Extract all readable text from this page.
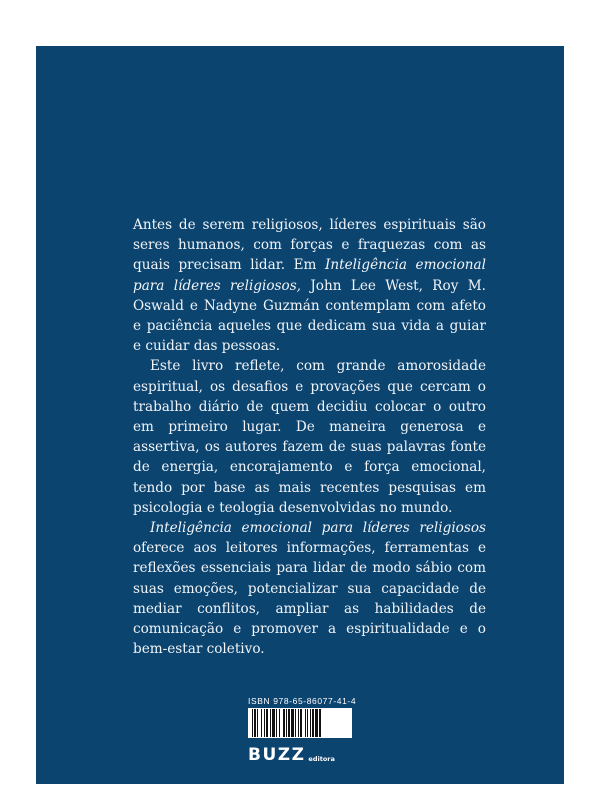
Antes de serem religiosos, líderes espirituais são seres humanos, com forças e fraquezas com as quais precisam lidar. Em Inteligência emocional para líderes religiosos, John Lee West, Roy M. Oswald e Nadyne Guzmán contemplam com afeto e paciência aqueles que dedicam sua vida a guiar e cuidar das pessoas.

Este livro reflete, com grande amorosidade espiritual, os desafios e provações que cercam o trabalho diário de quem decidiu colocar o outro em primeiro lugar. De maneira generosa e assertiva, os autores fazem de suas palavras fonte de energia, encorajamento e força emocional, tendo por base as mais recentes pesquisas em psicologia e teologia desenvolvidas no mundo.

Inteligência emocional para líderes religiosos oferece aos leitores informações, ferramentas e reflexões essenciais para lidar de modo sábio com suas emoções, potencializar sua capacidade de mediar conflitos, ampliar as habilidades de comunicação e promover a espiritualidade e o bem-estar coletivo.

ISBN 978-65-86077-41-4
BUZZ editora
